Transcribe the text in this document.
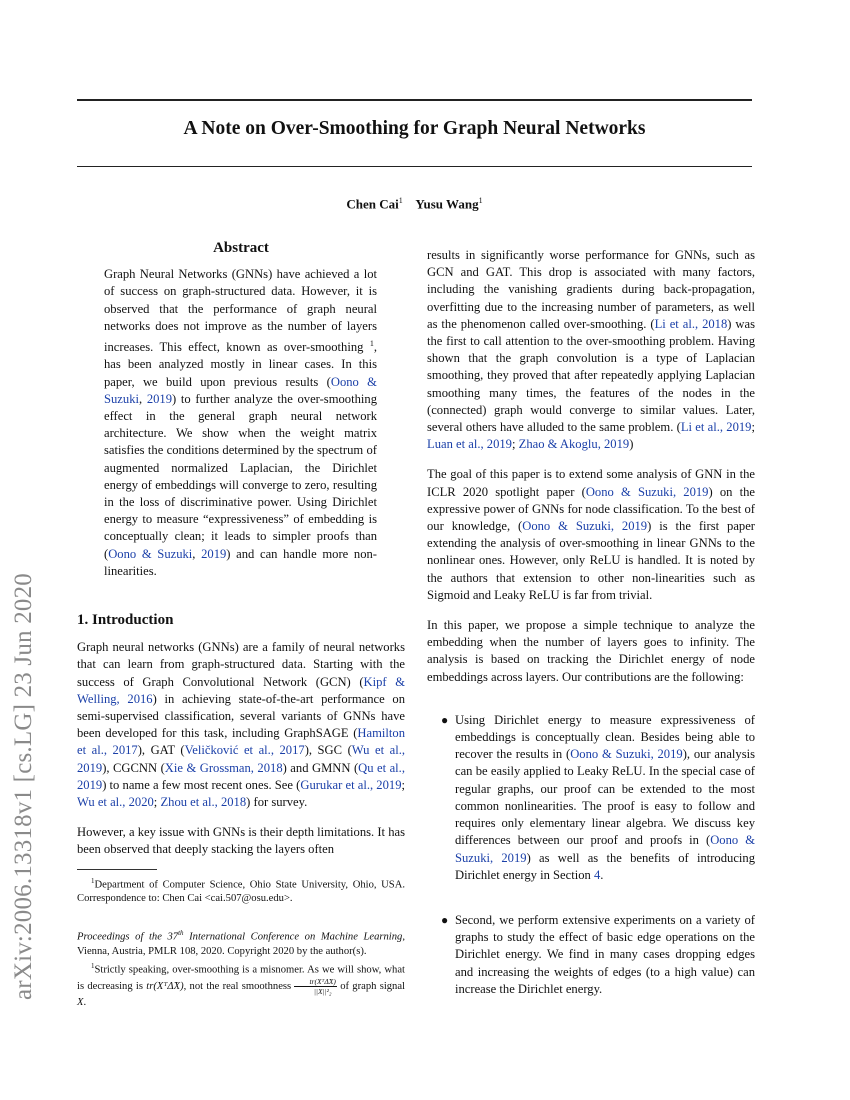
A Note on Over-Smoothing for Graph Neural Networks
Chen Cai$^1$ Yusu Wang$^1$
arXiv:2006.13318v1 [cs.LG] 23 Jun 2020
Abstract
Graph Neural Networks (GNNs) have achieved a lot of success on graph-structured data. However, it is observed that the performance of graph neural networks does not improve as the number of layers increases. This effect, known as over-smoothing $^1$, has been analyzed mostly in linear cases. In this paper, we build upon previous results (Oono & Suzuki, 2019) to further analyze the over-smoothing effect in the general graph neural network architecture. We show when the weight matrix satisfies the conditions determined by the spectrum of augmented normalized Laplacian, the Dirichlet energy of embeddings will converge to zero, resulting in the loss of discriminative power. Using Dirichlet energy to measure “expressiveness” of embedding is conceptually clean; it leads to simpler proofs than (Oono & Suzuki, 2019) and can handle more non-linearities.
1. Introduction

Graph neural networks (GNNs) are a family of neural networks that can learn from graph-structured data. Starting with the success of Graph Convolutional Network (GCN) (Kipf & Welling, 2016) in achieving state-of-the-art performance on semi-supervised classification, several variants of GNNs have been developed for this task, including GraphSAGE (Hamilton et al., 2017), GAT (Veličković et al., 2017), SGC (Wu et al., 2019), CGCNN (Xie & Grossman, 2018) and GMNN (Qu et al., 2019) to name a few most recent ones. See (Gurukar et al., 2019; Wu et al., 2020; Zhou et al., 2018) for survey.

However, a key issue with GNNs is their depth limitations. It has been observed that deeply stacking the layers often

$^1$Department of Computer Science, Ohio State University, Ohio, USA. Correspondence to: Chen Cai <cai.507@osu.edu>.

Proceedings of the 37th International Conference on Machine Learning, Vienna, Austria, PMLR 108, 2020. Copyright 2020 by the author(s).

$^1$Strictly speaking, over-smoothing is a misnomer. As we will show, what is decreasing is tr(XᵀΔ̃X), not the real smoothness $\frac{\text{tr(XᵀΔ̃X)}}{\text{||X||²₂}}$ of graph signal X.

results in significantly worse performance for GNNs, such as GCN and GAT. This drop is associated with many factors, including the vanishing gradients during back-propagation, overfitting due to the increasing number of parameters, as well as the phenomenon called over-smoothing. (Li et al., 2018) was the first to call attention to the over-smoothing problem. Having shown that the graph convolution is a type of Laplacian smoothing, they proved that after repeatedly applying Laplacian smoothing many times, the features of the nodes in the (connected) graph would converge to similar values. Later, several others have alluded to the same problem. (Li et al., 2019; Luan et al., 2019; Zhao & Akoglu, 2019)

The goal of this paper is to extend some analysis of GNN in the ICLR 2020 spotlight paper (Oono & Suzuki, 2019) on the expressive power of GNNs for node classification. To the best of our knowledge, (Oono & Suzuki, 2019) is the first paper extending the analysis of over-smoothing in linear GNNs to the nonlinear ones. However, only ReLU is handled. It is noted by the authors that extension to other non-linearities such as Sigmoid and Leaky ReLU is far from trivial.

In this paper, we propose a simple technique to analyze the embedding when the number of layers goes to infinity. The analysis is based on tracking the Dirichlet energy of node embeddings across layers. Our contributions are the following:

● Using Dirichlet energy to measure expressiveness of embeddings is conceptually clean. Besides being able to recover the results in (Oono & Suzuki, 2019), our analysis can be easily applied to Leaky ReLU. In the special case of regular graphs, our proof can be extended to the most common nonlinearities. The proof is easy to follow and requires only elementary linear algebra. We discuss key differences between our proof and proofs in (Oono & Suzuki, 2019) as well as the benefits of introducing Dirichlet energy in Section 4.
● Second, we perform extensive experiments on a variety of graphs to study the effect of basic edge operations on the Dirichlet energy. We find in many cases dropping edges and increasing the weights of edges (to a high value) can increase the Dirichlet energy.
